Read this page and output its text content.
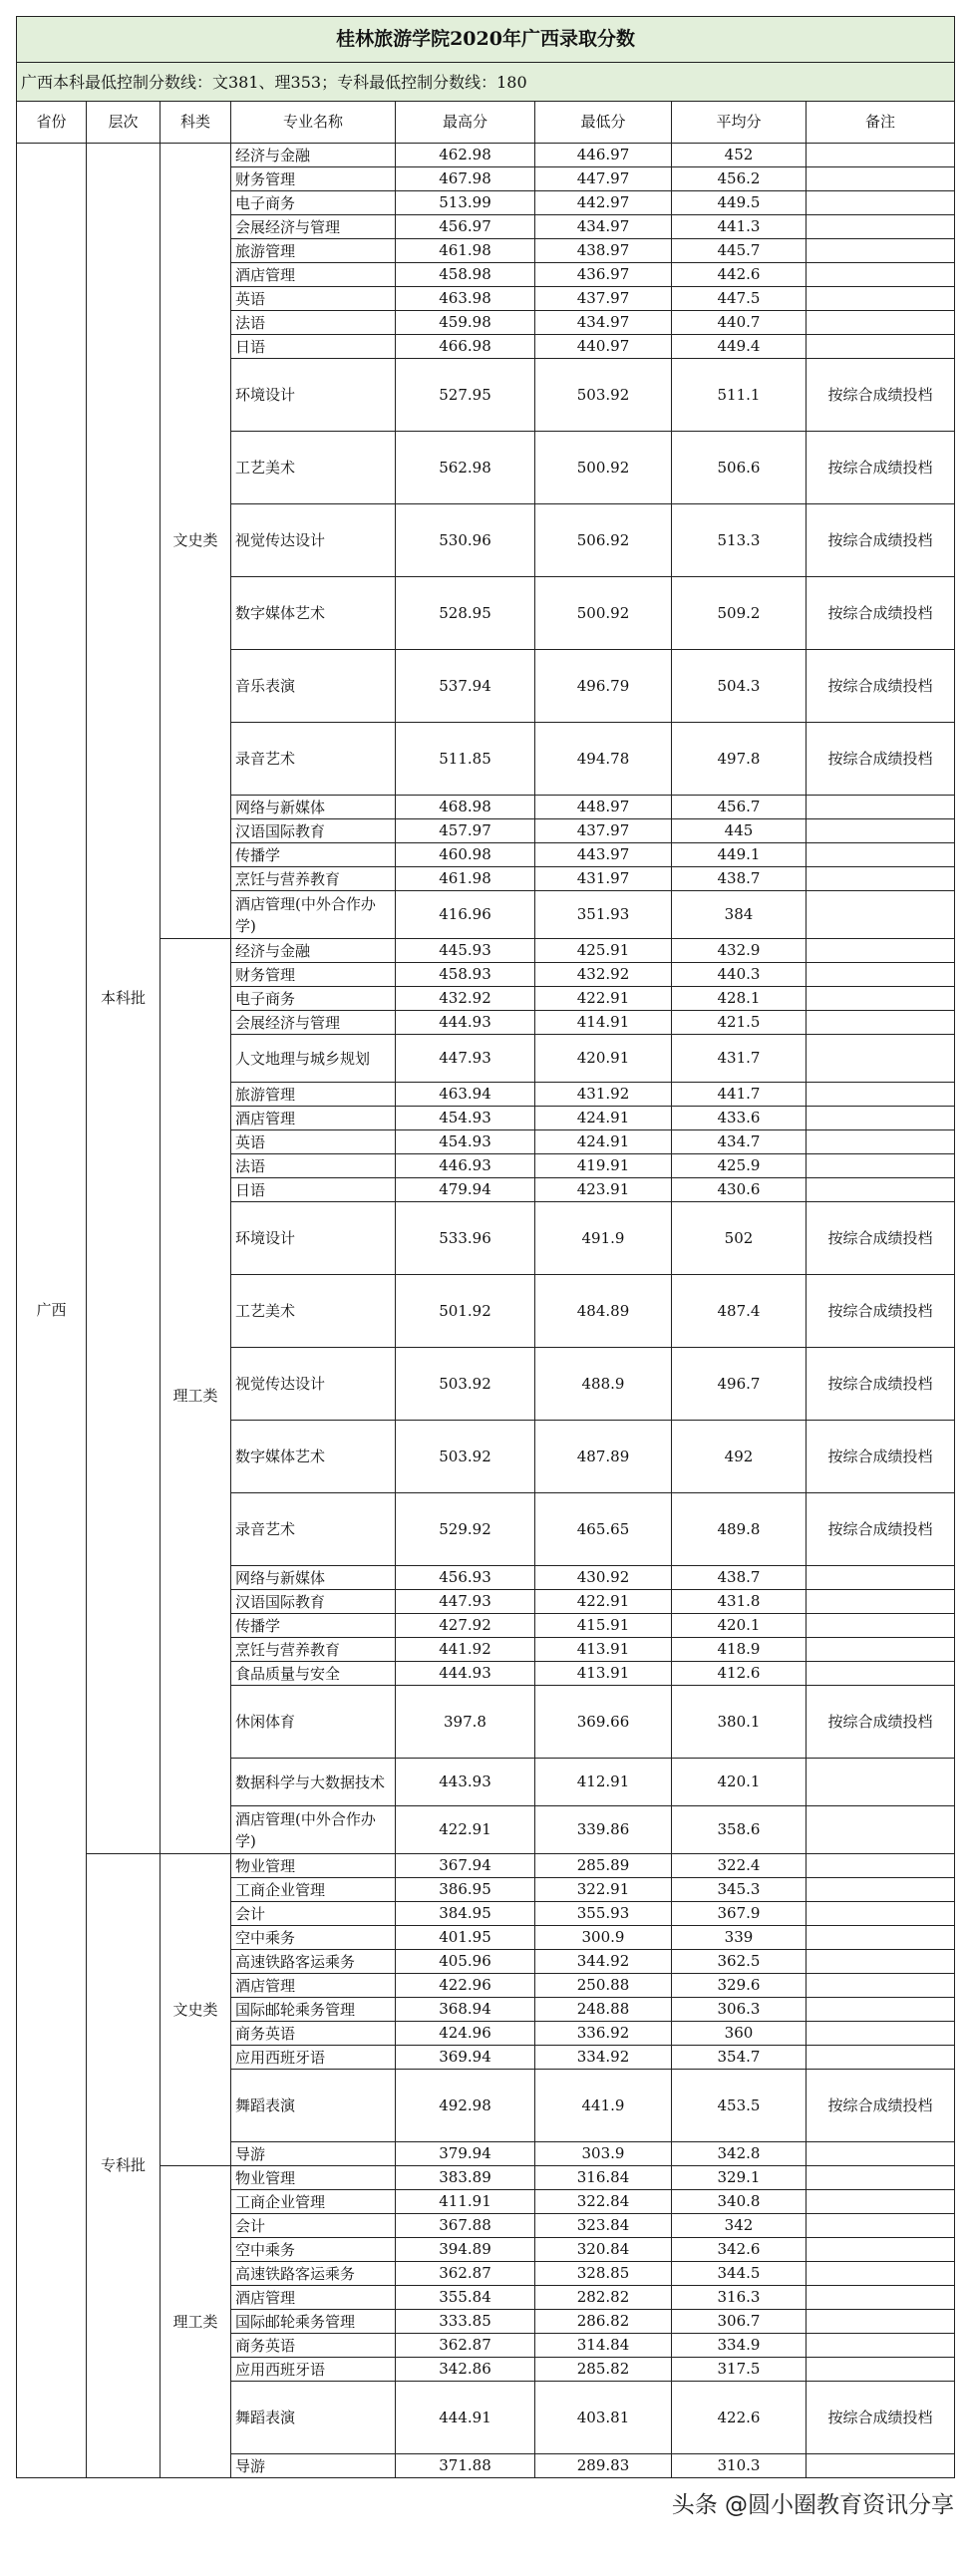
桂林旅游学院2020年广西录取分数							
广西本科最低控制分数线：文381、理353；专科最低控制分数线：180							
省份	层次	科类	专业名称	最高分	最低分	平均分	备注
广西	本科批	文史类	经济与金融	462.98	446.97	452	
			财务管理	467.98	447.97	456.2	
			电子商务	513.99	442.97	449.5	
			会展经济与管理	456.97	434.97	441.3	
			旅游管理	461.98	438.97	445.7	
			酒店管理	458.98	436.97	442.6	
			英语	463.98	437.97	447.5	
			法语	459.98	434.97	440.7	
			日语	466.98	440.97	449.4	
			环境设计	527.95	503.92	511.1	按综合成绩投档
			工艺美术	562.98	500.92	506.6	按综合成绩投档
			视觉传达设计	530.96	506.92	513.3	按综合成绩投档
			数字媒体艺术	528.95	500.92	509.2	按综合成绩投档
			音乐表演	537.94	496.79	504.3	按综合成绩投档
			录音艺术	511.85	494.78	497.8	按综合成绩投档
			网络与新媒体	468.98	448.97	456.7	
			汉语国际教育	457.97	437.97	445	
			传播学	460.98	443.97	449.1	
			烹饪与营养教育	461.98	431.97	438.7	
			酒店管理(中外合作办学)	416.96	351.93	384	
		理工类	经济与金融	445.93	425.91	432.9	
			财务管理	458.93	432.92	440.3	
			电子商务	432.92	422.91	428.1	
			会展经济与管理	444.93	414.91	421.5	
			人文地理与城乡规划	447.93	420.91	431.7	
			旅游管理	463.94	431.92	441.7	
			酒店管理	454.93	424.91	433.6	
			英语	454.93	424.91	434.7	
			法语	446.93	419.91	425.9	
			日语	479.94	423.91	430.6	
			环境设计	533.96	491.9	502	按综合成绩投档
			工艺美术	501.92	484.89	487.4	按综合成绩投档
			视觉传达设计	503.92	488.9	496.7	按综合成绩投档
			数字媒体艺术	503.92	487.89	492	按综合成绩投档
			录音艺术	529.92	465.65	489.8	按综合成绩投档
			网络与新媒体	456.93	430.92	438.7	
			汉语国际教育	447.93	422.91	431.8	
			传播学	427.92	415.91	420.1	
			烹饪与营养教育	441.92	413.91	418.9	
			食品质量与安全	444.93	413.91	412.6	
			休闲体育	397.8	369.66	380.1	按综合成绩投档
			数据科学与大数据技术	443.93	412.91	420.1	
			酒店管理(中外合作办学)	422.91	339.86	358.6	
	专科批	文史类	物业管理	367.94	285.89	322.4	
			工商企业管理	386.95	322.91	345.3	
			会计	384.95	355.93	367.9	
			空中乘务	401.95	300.9	339	
			高速铁路客运乘务	405.96	344.92	362.5	
			酒店管理	422.96	250.88	329.6	
			国际邮轮乘务管理	368.94	248.88	306.3	
			商务英语	424.96	336.92	360	
			应用西班牙语	369.94	334.92	354.7	
			舞蹈表演	492.98	441.9	453.5	按综合成绩投档
			导游	379.94	303.9	342.8	
		理工类	物业管理	383.89	316.84	329.1	
			工商企业管理	411.91	322.84	340.8	
			会计	367.88	323.84	342	
			空中乘务	394.89	320.84	342.6	
			高速铁路客运乘务	362.87	328.85	344.5	
			酒店管理	355.84	282.82	316.3	
			国际邮轮乘务管理	333.85	286.82	306.7	
			商务英语	362.87	314.84	334.9	
			应用西班牙语	342.86	285.82	317.5	
			舞蹈表演	444.91	403.81	422.6	按综合成绩投档
			导游	371.88	289.83	310.3	
头条 @圆小圈教育资讯分享
